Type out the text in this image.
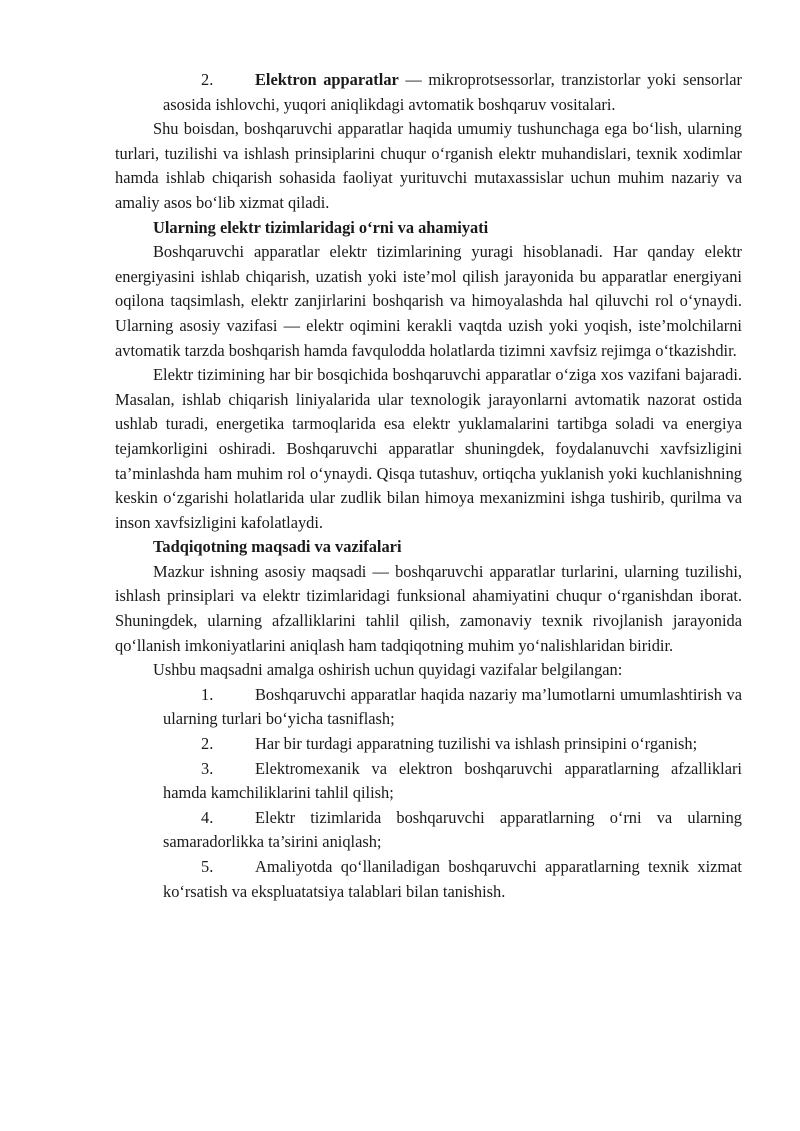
2.	Elektron apparatlar — mikroprotsessorlar, tranzistorlar yoki sensorlar asosida ishlovchi, yuqori aniqlikdagi avtomatik boshqaruv vositalari.

Shu boisdan, boshqaruvchi apparatlar haqida umumiy tushunchaga ega boʻlish, ularning turlari, tuzilishi va ishlash prinsiplarini chuqur oʻrganish elektr muhandislari, texnik xodimlar hamda ishlab chiqarish sohasida faoliyat yurituvchi mutaxassislar uchun muhim nazariy va amaliy asos boʻlib xizmat qiladi.

Ularning elektr tizimlaridagi oʻrni va ahamiyati

Boshqaruvchi apparatlar elektr tizimlarining yuragi hisoblanadi. Har qanday elektr energiyasini ishlab chiqarish, uzatish yoki iste’mol qilish jarayonida bu apparatlar energiyani oqilona taqsimlash, elektr zanjirlarini boshqarish va himoyalashda hal qiluvchi rol oʻynaydi. Ularning asosiy vazifasi — elektr oqimini kerakli vaqtda uzish yoki yoqish, iste’molchilarni avtomatik tarzda boshqarish hamda favqulodda holatlarda tizimni xavfsiz rejimga oʻtkazishdir.

Elektr tizimining har bir bosqichida boshqaruvchi apparatlar oʻziga xos vazifani bajaradi. Masalan, ishlab chiqarish liniyalarida ular texnologik jarayonlarni avtomatik nazorat ostida ushlab turadi, energetika tarmoqlarida esa elektr yuklamalarini tartibga soladi va energiya tejamkorligini oshiradi. Boshqaruvchi apparatlar shuningdek, foydalanuvchi xavfsizligini ta’minlashda ham muhim rol oʻynaydi. Qisqa tutashuv, ortiqcha yuklanish yoki kuchlanishning keskin oʻzgarishi holatlarida ular zudlik bilan himoya mexanizmini ishga tushirib, qurilma va inson xavfsizligini kafolatlaydi.

Tadqiqotning maqsadi va vazifalari

Mazkur ishning asosiy maqsadi — boshqaruvchi apparatlar turlarini, ularning tuzilishi, ishlash prinsiplari va elektr tizimlaridagi funksional ahamiyatini chuqur oʻrganishdan iborat. Shuningdek, ularning afzalliklarini tahlil qilish, zamonaviy texnik rivojlanish jarayonida qoʻllanish imkoniyatlarini aniqlash ham tadqiqotning muhim yoʻnalishlaridan biridir.

Ushbu maqsadni amalga oshirish uchun quyidagi vazifalar belgilangan:

1.	Boshqaruvchi apparatlar haqida nazariy ma’lumotlarni umumlashtirish va ularning turlari boʻyicha tasniflash;

2.	Har bir turdagi apparatning tuzilishi va ishlash prinsipini oʻrganish;

3.	Elektromexanik va elektron boshqaruvchi apparatlarning afzalliklari hamda kamchiliklarini tahlil qilish;

4.	Elektr tizimlarida boshqaruvchi apparatlarning oʻrni va ularning samaradorlikka ta’sirini aniqlash;

5.	Amaliyotda qoʻllaniladigan boshqaruvchi apparatlarning texnik xizmat koʻrsatish va ekspluatatsiya talablari bilan tanishish.
